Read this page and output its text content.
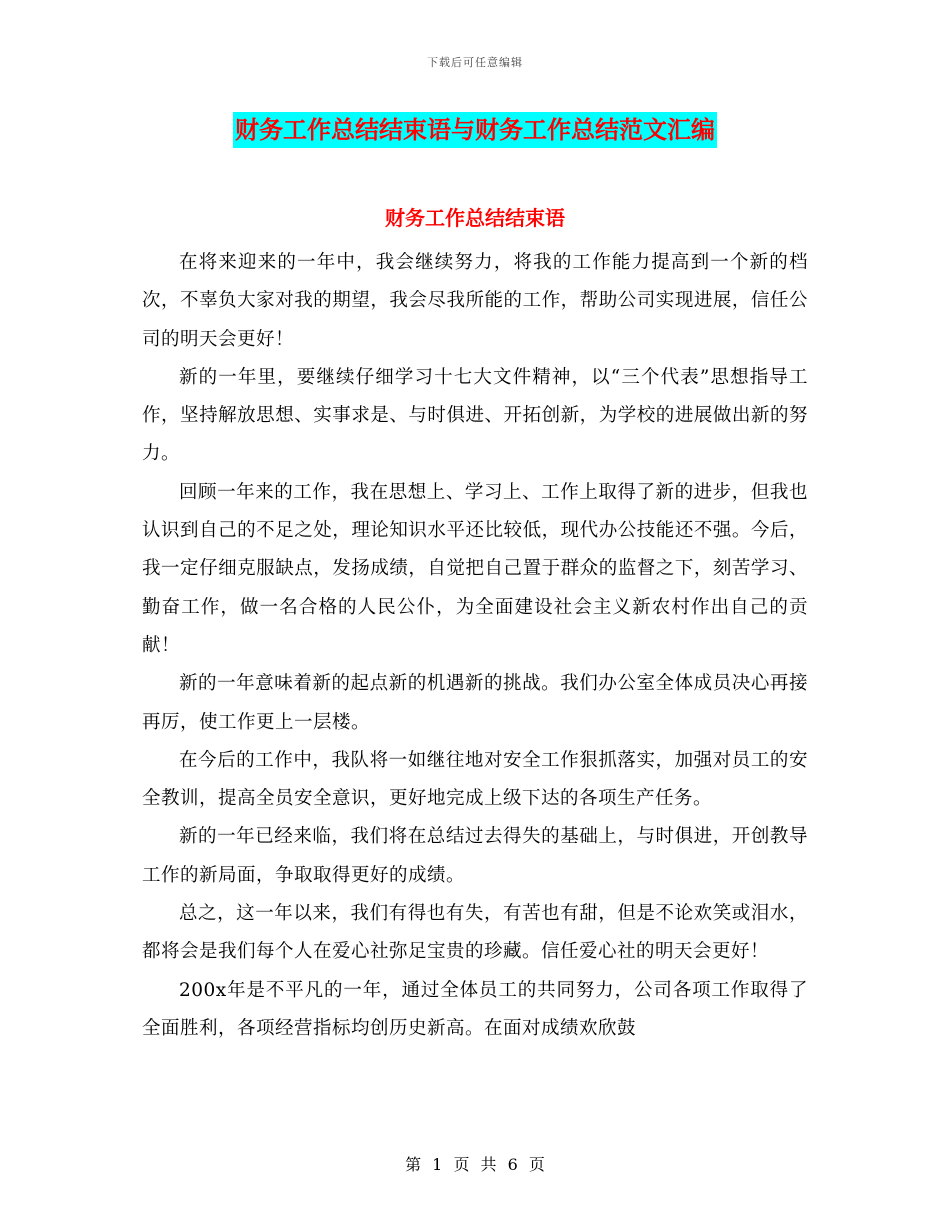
下载后可任意编辑
财务工作总结结束语与财务工作总结范文汇编
财务工作总结结束语

在将来迎来的一年中，我会继续努力，将我的工作能力提高到一个新的档次，不辜负大家对我的期望，我会尽我所能的工作，帮助公司实现进展，信任公司的明天会更好！

新的一年里，要继续仔细学习十七大文件精神，以“三个代表”思想指导工作，坚持解放思想、实事求是、与时俱进、开拓创新，为学校的进展做出新的努力。

回顾一年来的工作，我在思想上、学习上、工作上取得了新的进步，但我也认识到自己的不足之处，理论知识水平还比较低，现代办公技能还不强。今后，我一定仔细克服缺点，发扬成绩，自觉把自己置于群众的监督之下，刻苦学习、勤奋工作，做一名合格的人民公仆，为全面建设社会主义新农村作出自己的贡献！

新的一年意味着新的起点新的机遇新的挑战。我们办公室全体成员决心再接再厉，使工作更上一层楼。

在今后的工作中，我队将一如继往地对安全工作狠抓落实，加强对员工的安全教训，提高全员安全意识，更好地完成上级下达的各项生产任务。

新的一年已经来临，我们将在总结过去得失的基础上，与时俱进，开创教导工作的新局面，争取取得更好的成绩。

总之，这一年以来，我们有得也有失，有苦也有甜，但是不论欢笑或泪水，都将会是我们每个人在爱心社弥足宝贵的珍藏。信任爱心社的明天会更好！

200x年是不平凡的一年，通过全体员工的共同努力，公司各项工作取得了全面胜利，各项经营指标均创历史新高。在面对成绩欢欣鼓

第 1 页 共 6 页
